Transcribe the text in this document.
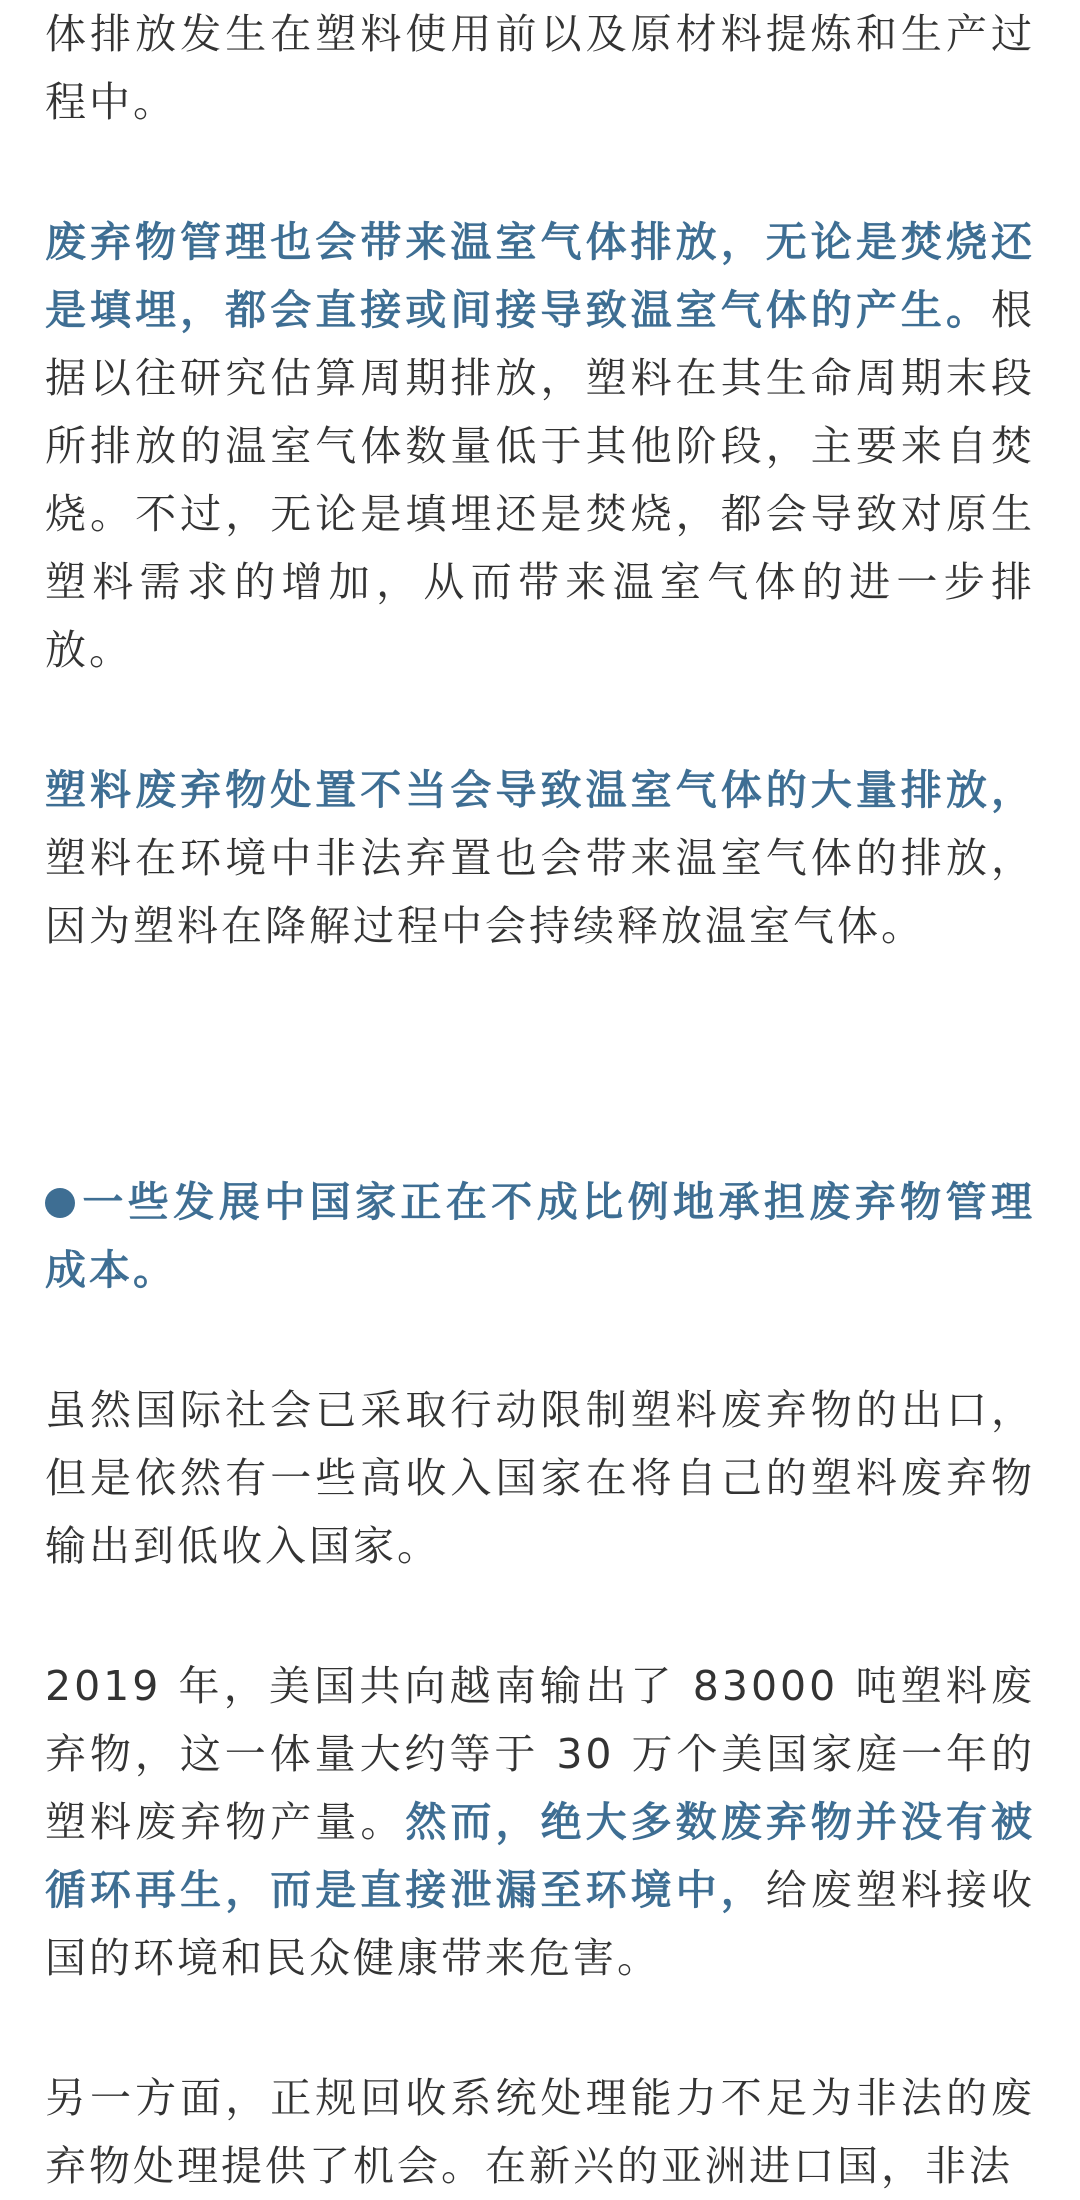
体排放发生在塑料使用前以及原材料提炼和生产过程中。

废弃物管理也会带来温室气体排放，无论是焚烧还是填埋，都会直接或间接导致温室气体的产生。根据以往研究估算周期排放，塑料在其生命周期末段所排放的温室气体数量低于其他阶段，主要来自焚烧。不过，无论是填埋还是焚烧，都会导致对原生塑料需求的增加，从而带来温室气体的进一步排放。

塑料废弃物处置不当会导致温室气体的大量排放，塑料在环境中非法弃置也会带来温室气体的排放，因为塑料在降解过程中会持续释放温室气体。

一些发展中国家正在不成比例地承担废弃物管理成本。

虽然国际社会已采取行动限制塑料废弃物的出口，但是依然有一些高收入国家在将自己的塑料废弃物输出到低收入国家。

2019 年，美国共向越南输出了 83000 吨塑料废弃物，这一体量大约等于 30 万个美国家庭一年的塑料废弃物产量。然而，绝大多数废弃物并没有被循环再生，而是直接泄漏至环境中，给废塑料接收国的环境和民众健康带来危害。

另一方面，正规回收系统处理能力不足为非法的废弃物处理提供了机会。在新兴的亚洲进口国，非法
